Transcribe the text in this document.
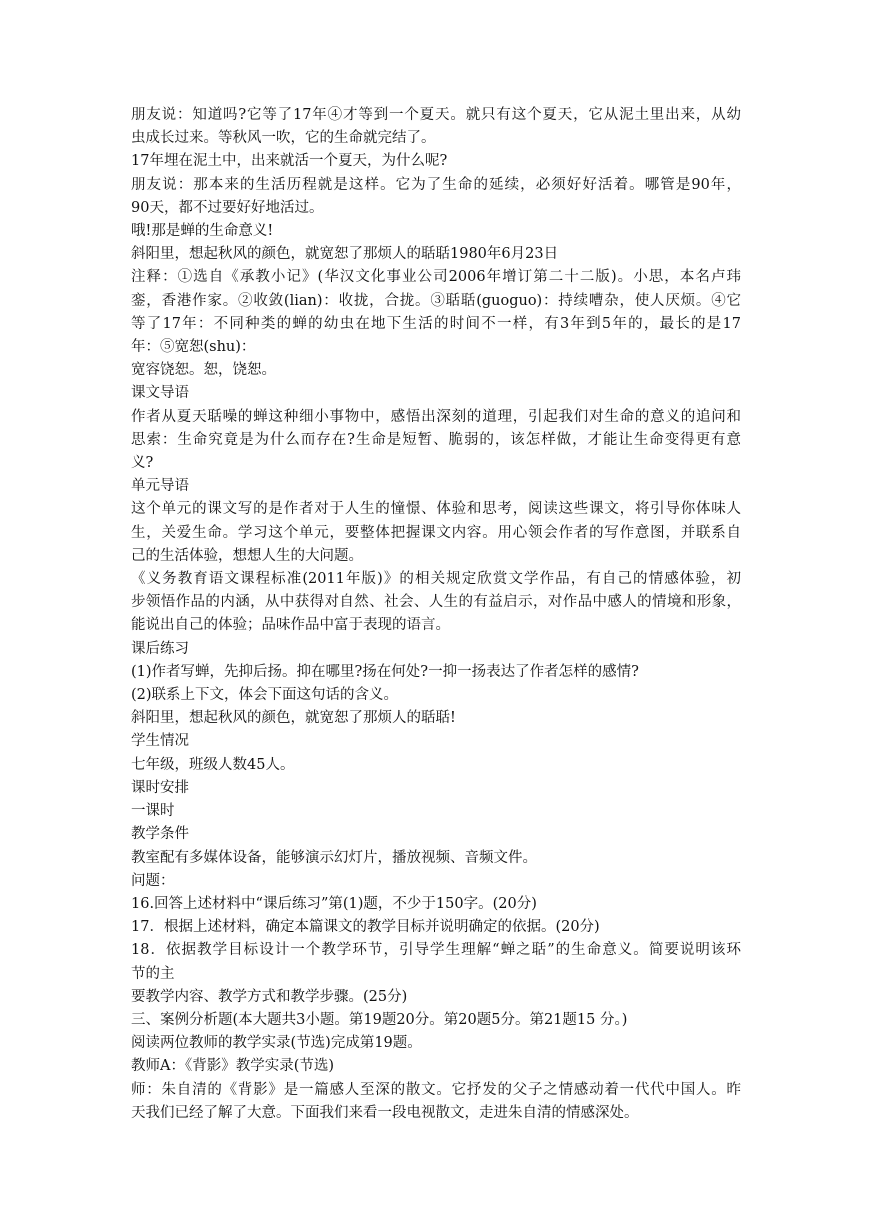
朋友说：知道吗?它等了17年④才等到一个夏天。就只有这个夏天，它从泥土里出来，从幼
虫成长过来。等秋风一吹，它的生命就完结了。
17年埋在泥土中，出来就活一个夏天，为什么呢?
朋友说：那本来的生活历程就是这样。它为了生命的延续，必须好好活着。哪管是90年，
90天，都不过要好好地活过。
哦!那是蝉的生命意义!
斜阳里，想起秋风的颜色，就宽恕了那烦人的聒聒1980年6月23日
注释：①选自《承教小记》(华汉文化事业公司2006年增订第二十二版)。小思，本名卢玮
銮，香港作家。②收敛(lian)：收拢，合拢。③聒聒(guoguo)：持续嘈杂，使人厌烦。④它
等了17年：不同种类的蝉的幼虫在地下生活的时间不一样，有3年到5年的，最长的是17
年：⑤宽恕(shu)：
宽容饶恕。恕，饶恕。
课文导语
作者从夏天聒噪的蝉这种细小事物中，感悟出深刻的道理，引起我们对生命的意义的追问和
思索：生命究竟是为什么而存在?生命是短暂、脆弱的，该怎样做，才能让生命变得更有意
义?
单元导语
这个单元的课文写的是作者对于人生的憧憬、体验和思考，阅读这些课文，将引导你体味人
生，关爱生命。学习这个单元，要整体把握课文内容。用心领会作者的写作意图，并联系自
己的生活体验，想想人生的大问题。
《义务教育语文课程标准(2011年版)》的相关规定欣赏文学作品，有自己的情感体验，初
步领悟作品的内涵，从中获得对自然、社会、人生的有益启示，对作品中感人的情境和形象，
能说出自己的体验；品味作品中富于表现的语言。
课后练习
(1)作者写蝉，先抑后扬。抑在哪里?扬在何处?一抑一扬表达了作者怎样的感情?
(2)联系上下文，体会下面这句话的含义。
斜阳里，想起秋风的颜色，就宽恕了那烦人的聒聒!
学生情况
七年级，班级人数45人。
课时安排
一课时
教学条件
教室配有多媒体设备，能够演示幻灯片，播放视频、音频文件。
问题：
16.回答上述材料中“课后练习”第(1)题，不少于150字。(20分)
17．根据上述材料，确定本篇课文的教学目标并说明确定的依据。(20分)
18．依据教学目标设计一个教学环节，引导学生理解“蝉之聒”的生命意义。简要说明该环
节的主
要教学内容、教学方式和教学步骤。(25分)
三、案例分析题(本大题共3小题。第19题20分。第20题5分。第21题15 分。)
阅读两位教师的教学实录(节选)完成第19题。
教师A：《背影》教学实录(节选)
师：朱自清的《背影》是一篇感人至深的散文。它抒发的父子之情感动着一代代中国人。昨
天我们已经了解了大意。下面我们来看一段电视散文，走进朱自清的情感深处。
